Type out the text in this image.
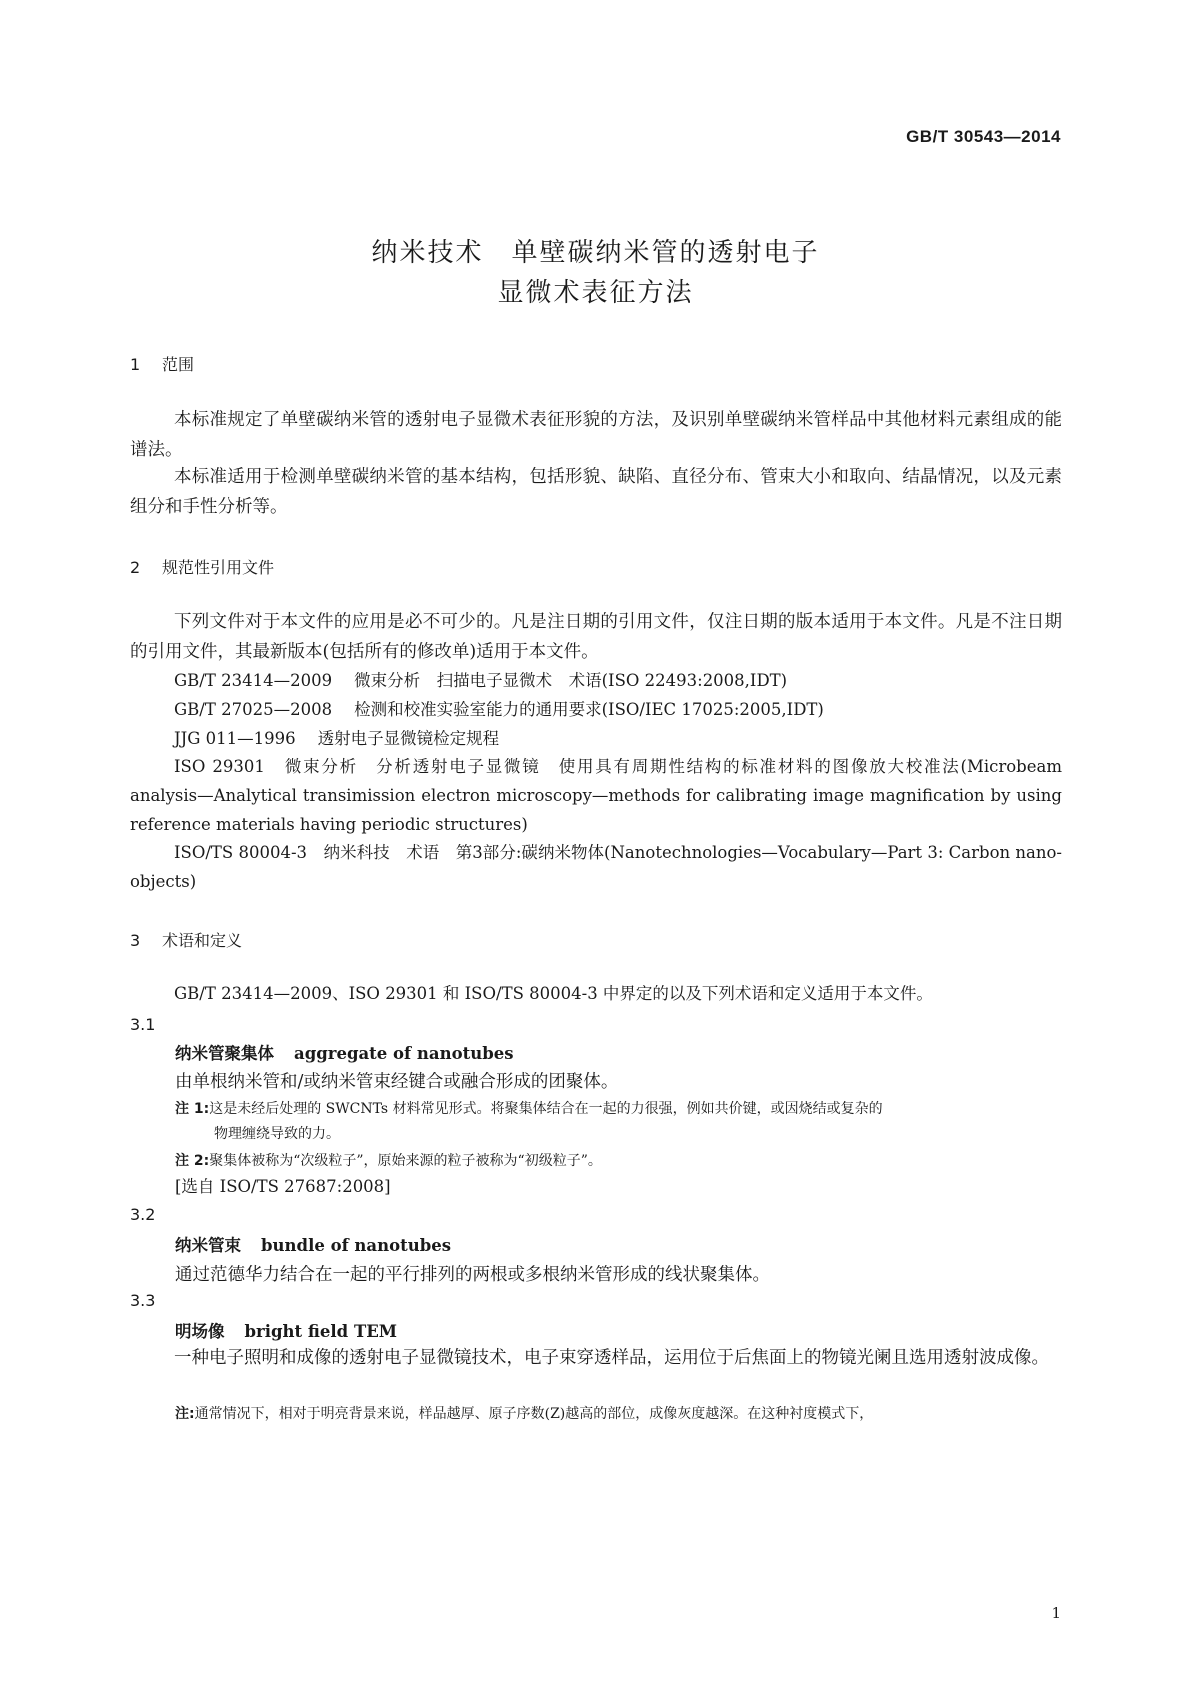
GB/T 30543—2014
纳米技术　单壁碳纳米管的透射电子
显微术表征方法
1 范围
本标准规定了单壁碳纳米管的透射电子显微术表征形貌的方法，及识别单壁碳纳米管样品中其他材料元素组成的能谱法。
本标准适用于检测单壁碳纳米管的基本结构，包括形貌、缺陷、直径分布、管束大小和取向、结晶情况，以及元素组分和手性分析等。
2 规范性引用文件
下列文件对于本文件的应用是必不可少的。凡是注日期的引用文件，仅注日期的版本适用于本文件。凡是不注日期的引用文件，其最新版本(包括所有的修改单)适用于本文件。
GB/T 23414—2009 微束分析　扫描电子显微术　术语(ISO 22493:2008,IDT)
GB/T 27025—2008 检测和校准实验室能力的通用要求(ISO/IEC 17025:2005,IDT)
JJG 011—1996 透射电子显微镜检定规程
ISO 29301　微束分析　分析透射电子显微镜　使用具有周期性结构的标准材料的图像放大校准法(Microbeam analysis—Analytical transimission electron microscopy—methods for calibrating image magnification by using reference materials having periodic structures)
ISO/TS 80004-3　纳米科技　术语　第3部分:碳纳米物体(Nanotechnologies—Vocabulary—Part 3: Carbon nano-objects)
3 术语和定义
GB/T 23414—2009、ISO 29301 和 ISO/TS 80004-3 中界定的以及下列术语和定义适用于本文件。
3.1
纳米管聚集体 aggregate of nanotubes
由单根纳米管和/或纳米管束经键合或融合形成的团聚体。
注 1:这是未经后处理的 SWCNTs 材料常见形式。将聚集体结合在一起的力很强，例如共价键，或因烧结或复杂的
物理缠绕导致的力。
注 2:聚集体被称为“次级粒子”，原始来源的粒子被称为“初级粒子”。
[选自 ISO/TS 27687:2008]
3.2
纳米管束 bundle of nanotubes
通过范德华力结合在一起的平行排列的两根或多根纳米管形成的线状聚集体。
3.3
明场像 bright field TEM
一种电子照明和成像的透射电子显微镜技术，电子束穿透样品，运用位于后焦面上的物镜光阑且选用透射波成像。
注:通常情况下，相对于明亮背景来说，样品越厚、原子序数(Z)越高的部位，成像灰度越深。在这种衬度模式下，
1
